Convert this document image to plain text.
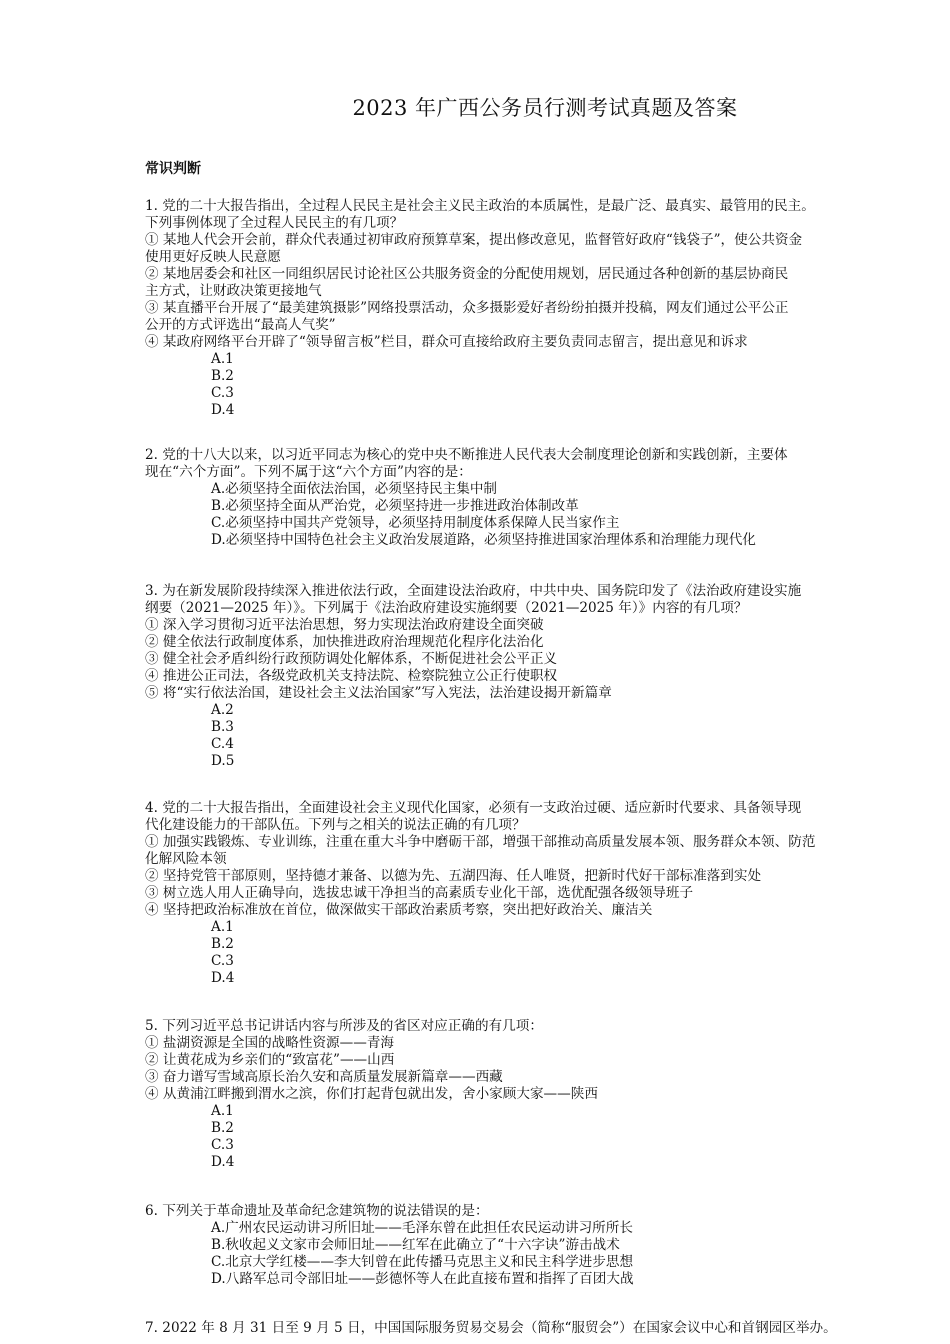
2023 年广西公务员行测考试真题及答案
常识判断
1. 党的二十大报告指出，全过程人民民主是社会主义民主政治的本质属性，是最广泛、最真实、最管用的民主。
下列事例体现了全过程人民民主的有几项？
① 某地人代会开会前，群众代表通过初审政府预算草案，提出修改意见，监督管好政府“钱袋子”，使公共资金
使用更好反映人民意愿
② 某地居委会和社区一同组织居民讨论社区公共服务资金的分配使用规划，居民通过各种创新的基层协商民
主方式，让财政决策更接地气
③ 某直播平台开展了“最美建筑摄影”网络投票活动，众多摄影爱好者纷纷拍摄并投稿，网友们通过公平公正
公开的方式评选出“最高人气奖”
④ 某政府网络平台开辟了“领导留言板”栏目，群众可直接给政府主要负责同志留言，提出意见和诉求
A.1
B.2
C.3
D.4
2. 党的十八大以来，以习近平同志为核心的党中央不断推进人民代表大会制度理论创新和实践创新，主要体
现在“六个方面”。下列不属于这“六个方面”内容的是：
A.必须坚持全面依法治国，必须坚持民主集中制
B.必须坚持全面从严治党，必须坚持进一步推进政治体制改革
C.必须坚持中国共产党领导，必须坚持用制度体系保障人民当家作主
D.必须坚持中国特色社会主义政治发展道路，必须坚持推进国家治理体系和治理能力现代化
3. 为在新发展阶段持续深入推进依法行政，全面建设法治政府，中共中央、国务院印发了《法治政府建设实施
纲要（2021—2025 年）》。下列属于《法治政府建设实施纲要（2021—2025 年）》内容的有几项？
① 深入学习贯彻习近平法治思想，努力实现法治政府建设全面突破
② 健全依法行政制度体系，加快推进政府治理规范化程序化法治化
③ 健全社会矛盾纠纷行政预防调处化解体系，不断促进社会公平正义
④ 推进公正司法，各级党政机关支持法院、检察院独立公正行使职权
⑤ 将“实行依法治国，建设社会主义法治国家”写入宪法，法治建设揭开新篇章
A.2
B.3
C.4
D.5
4. 党的二十大报告指出，全面建设社会主义现代化国家，必须有一支政治过硬、适应新时代要求、具备领导现
代化建设能力的干部队伍。下列与之相关的说法正确的有几项？
① 加强实践锻炼、专业训练，注重在重大斗争中磨砺干部，增强干部推动高质量发展本领、服务群众本领、防范
化解风险本领
② 坚持党管干部原则，坚持德才兼备、以德为先、五湖四海、任人唯贤，把新时代好干部标准落到实处
③ 树立选人用人正确导向，选拔忠诚干净担当的高素质专业化干部，选优配强各级领导班子
④ 坚持把政治标准放在首位，做深做实干部政治素质考察，突出把好政治关、廉洁关
A.1
B.2
C.3
D.4
5. 下列习近平总书记讲话内容与所涉及的省区对应正确的有几项：
① 盐湖资源是全国的战略性资源——青海
② 让黄花成为乡亲们的“致富花”——山西
③ 奋力谱写雪域高原长治久安和高质量发展新篇章——西藏
④ 从黄浦江畔搬到渭水之滨，你们打起背包就出发，舍小家顾大家——陕西
A.1
B.2
C.3
D.4
6. 下列关于革命遗址及革命纪念建筑物的说法错误的是：
A.广州农民运动讲习所旧址——毛泽东曾在此担任农民运动讲习所所长
B.秋收起义文家市会师旧址——红军在此确立了“十六字诀”游击战术
C.北京大学红楼——李大钊曾在此传播马克思主义和民主科学进步思想
D.八路军总司令部旧址——彭德怀等人在此直接布置和指挥了百团大战
7. 2022 年 8 月 31 日至 9 月 5 日，中国国际服务贸易交易会（简称“服贸会”）在国家会议中心和首钢园区举办。
